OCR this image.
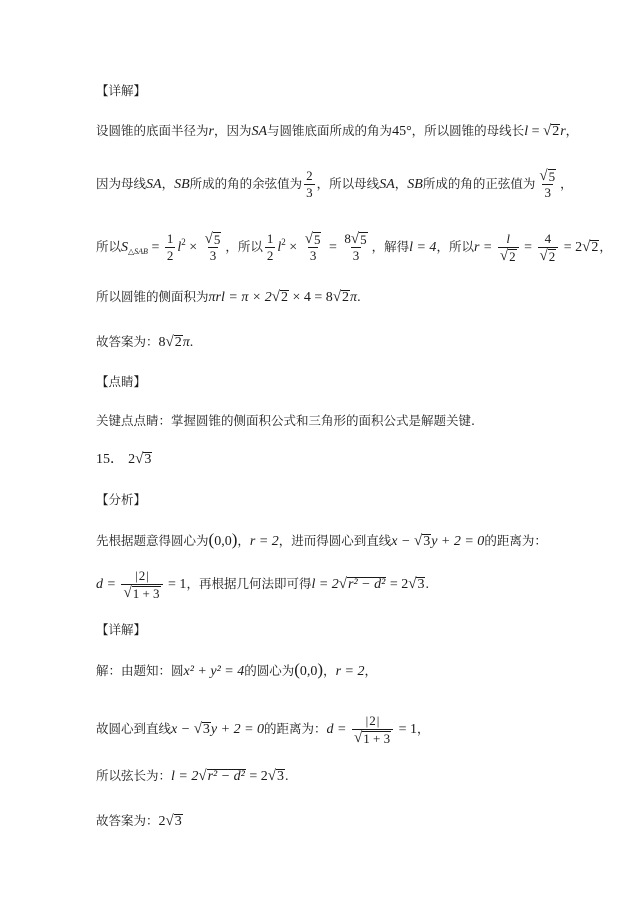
【详解】
设圆锥的底面半径为r，因为SA与圆锥底面所成的角为45°，所以圆锥的母线长l = √ 2 r，
因为母线SA，SB所成的角的余弦值为 $\frac{2}{3}$ ，所以母线SA，SB所成的角的正弦值为 $\frac{√ 5}{3}$ ，
所以$S_{\triangle SAB} = \frac{1}{2} l^2 \times \frac{√ 5}{3}$ ，所以 $\frac{1}{2} l^2 \times \frac{√ 5}{3} = \frac{8 √ 5}{3}$ ，解得l = 4，所以$r = \frac{l}{√ 2} = \frac{4}{√ 2} = 2$ √ 2 ，
所以圆锥的侧面积为πrl = π × 2 √ 2 × 4 = 8 √ 2 π.
故答案为：8 √ 2 π.
【点睛】
关键点点睛：掌握圆锥的侧面积公式和三角形的面积公式是解题关键.
15． 2 √ 3
【分析】
先根据题意得圆心为(0,0)，r = 2，进而得圆心到直线x − √ 3 y + 2 = 0的距离为：
$d = \frac{|2|}{√ 1 + 3} = 1$，再根据几何法即可得l = 2 √ r² − d² = 2 √ 3 .
【详解】
解：由题知：圆x² + y² = 4的圆心为(0,0)，r = 2，
故圆心到直线x − √ 3 y + 2 = 0的距离为：$d = \frac{|2|}{√ 1 + 3} = 1$，
所以弦长为：l = 2 √ r² − d² = 2 √ 3 .
故答案为：2 √ 3
